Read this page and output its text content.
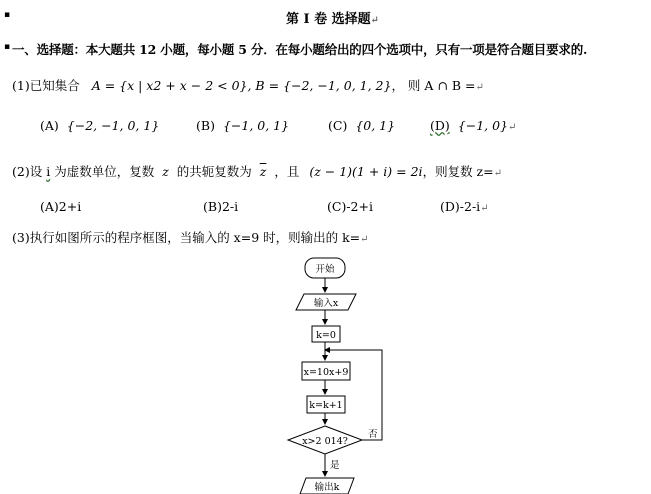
▪	第 I 卷 选择题↵
▪ 一、选择题：本大题共 12 小题，每小题 5 分．在每小题给出的四个选项中，只有一项是符合题目要求的.
(1)已知集合 A = {x | x2 + x − 2 < 0}, B = {−2, −1, 0, 1, 2}， 则 A ∩ B =↵
(A) {−2, −1, 0, 1}	(B) {−1, 0, 1}	(C) {0, 1}	(D) {−1, 0}↵
(2)设 i 为虚数单位，复数 z 的共轭复数为 $\overline{z}$ ，且 (z − 1)(1 + i) = 2i，则复数 z=↵
(A)2+i	(B)2-i	(C)-2+i	(D)-2-i↵
(3)执行如图所示的程序框图，当输入的 x=9 时，则输出的 k=↵
开始
输入x
k=0
x=10x+9
k=k+1
x>2 014?
否
是
输出k
